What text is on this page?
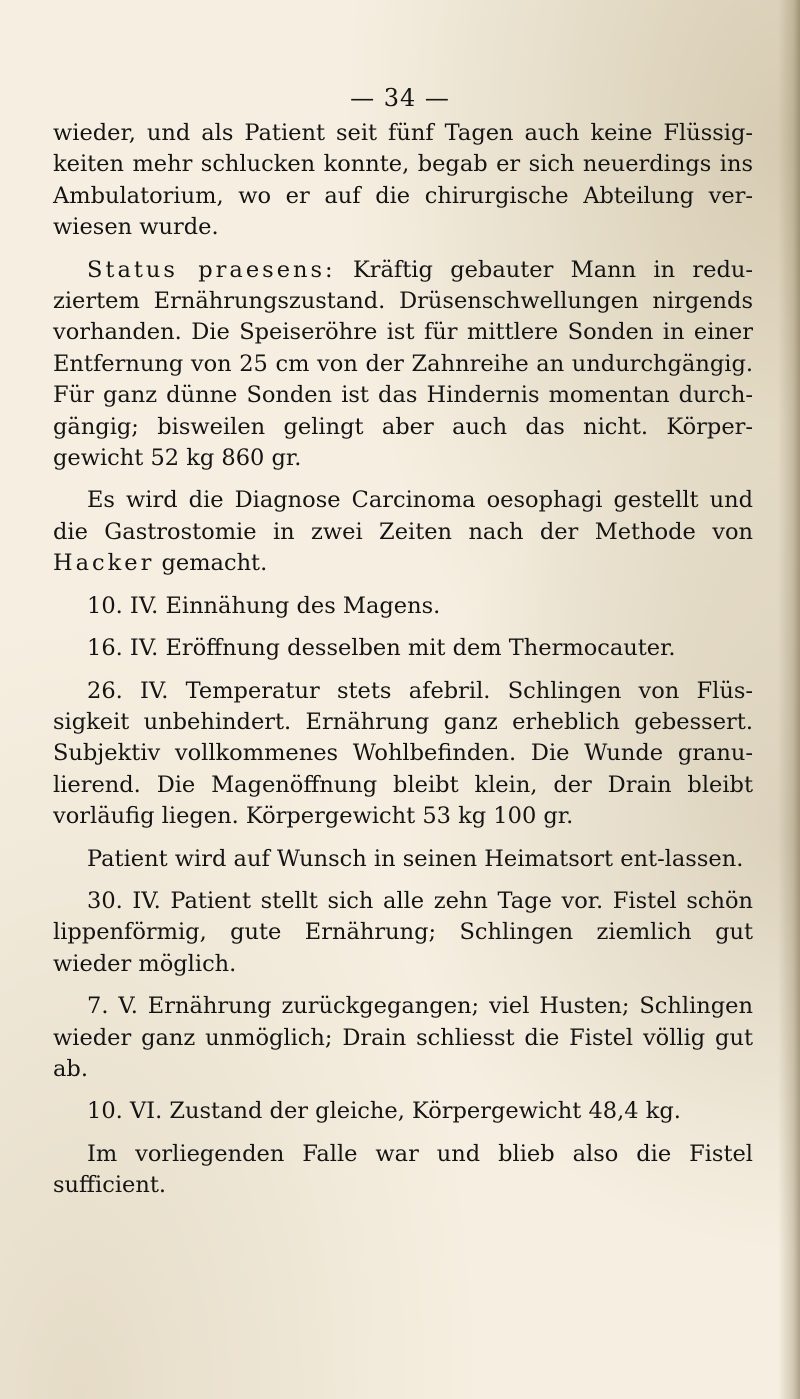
— 34 —

wieder, und als Patient seit fünf Tagen auch keine Flüssig-keiten mehr schlucken konnte, begab er sich neuerdings ins Ambulatorium, wo er auf die chirurgische Abteilung ver-wiesen wurde.

Status praesens: Kräftig gebauter Mann in redu-ziertem Ernährungszustand. Drüsenschwellungen nirgends vorhanden. Die Speiseröhre ist für mittlere Sonden in einer Entfernung von 25 cm von der Zahnreihe an undurchgängig. Für ganz dünne Sonden ist das Hindernis momentan durch-gängig; bisweilen gelingt aber auch das nicht. Körper-gewicht 52 kg 860 gr.

Es wird die Diagnose Carcinoma oesophagi gestellt und die Gastrostomie in zwei Zeiten nach der Methode von Hacker gemacht.

10. IV. Einnähung des Magens.

16. IV. Eröffnung desselben mit dem Thermocauter.

26. IV. Temperatur stets afebril. Schlingen von Flüs-sigkeit unbehindert. Ernährung ganz erheblich gebessert. Subjektiv vollkommenes Wohlbefinden. Die Wunde granu-lierend. Die Magenöffnung bleibt klein, der Drain bleibt vorläufig liegen. Körpergewicht 53 kg 100 gr.

Patient wird auf Wunsch in seinen Heimatsort ent-lassen.

30. IV. Patient stellt sich alle zehn Tage vor. Fistel schön lippenförmig, gute Ernährung; Schlingen ziemlich gut wieder möglich.

7. V. Ernährung zurückgegangen; viel Husten; Schlingen wieder ganz unmöglich; Drain schliesst die Fistel völlig gut ab.

10. VI. Zustand der gleiche, Körpergewicht 48,4 kg.

Im vorliegenden Falle war und blieb also die Fistel sufficient.
